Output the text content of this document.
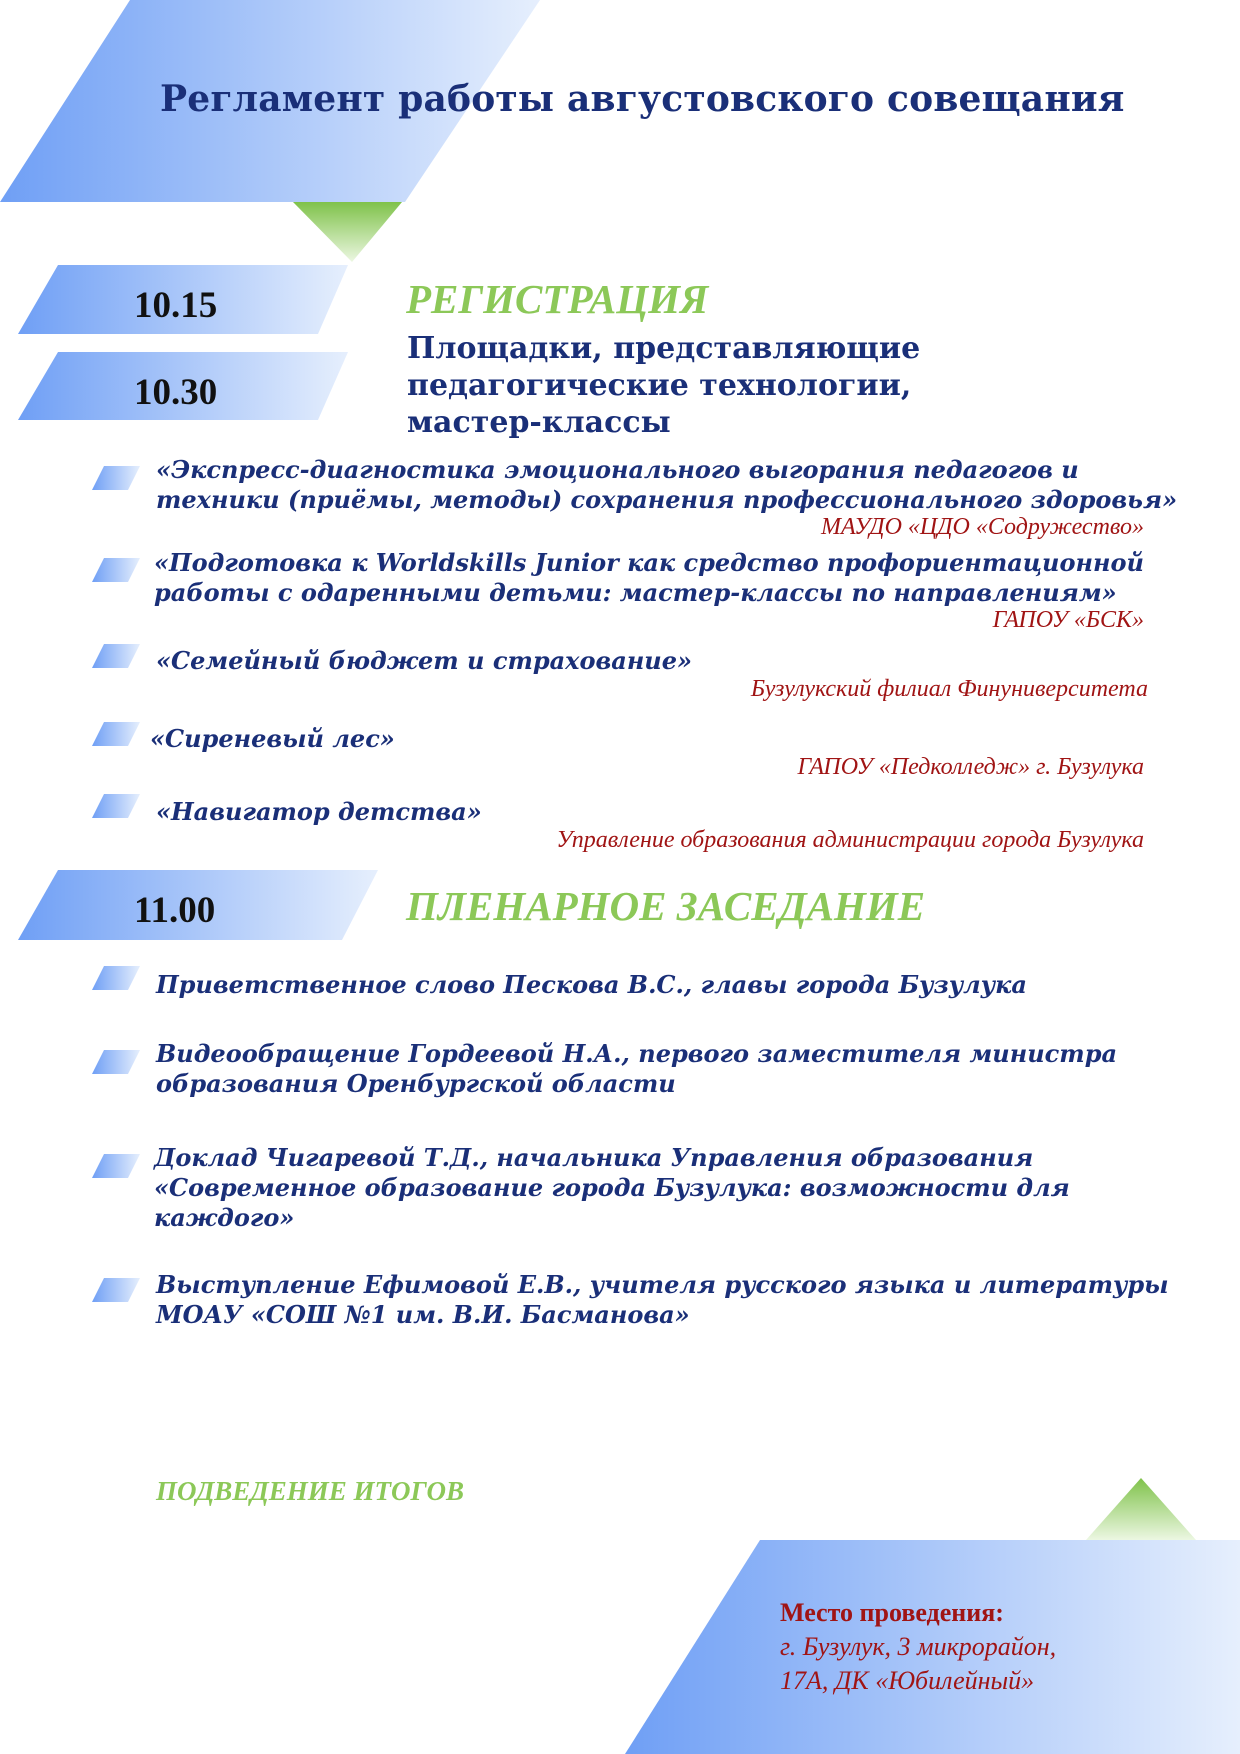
Регламент работы августовского совещания
10.15
10.30
11.00
РЕГИСТРАЦИЯ
Площадки, представляющие
педагогические технологии,
мастер-классы
«Экспресс-диагностика эмоционального выгорания педагогов и
техники (приёмы, методы) сохранения профессионального здоровья»
МАУДО «ЦДО «Содружество»
«Подготовка к Worldskills Junior как средство профориентационной
работы с одаренными детьми: мастер-классы по направлениям»
ГАПОУ «БСК»
«Семейный бюджет и страхование»
Бузулукский филиал Финуниверситета
«Сиреневый лес»
ГАПОУ «Педколледж» г. Бузулука
«Навигатор детства»
Управление образования администрации города Бузулука
ПЛЕНАРНОЕ ЗАСЕДАНИЕ
Приветственное слово Пескова В.С., главы города Бузулука
Видеообращение Гордеевой Н.А., первого заместителя министра
образования Оренбургской области
Доклад Чигаревой Т.Д., начальника Управления образования
«Современное образование города Бузулука: возможности для
каждого»
Выступление Ефимовой Е.В., учителя русского языка и литературы
МОАУ «СОШ №1 им. В.И. Басманова»
ПОДВЕДЕНИЕ ИТОГОВ
Место проведения:
г. Бузулук, 3 микрорайон,
17А, ДК «Юбилейный»
